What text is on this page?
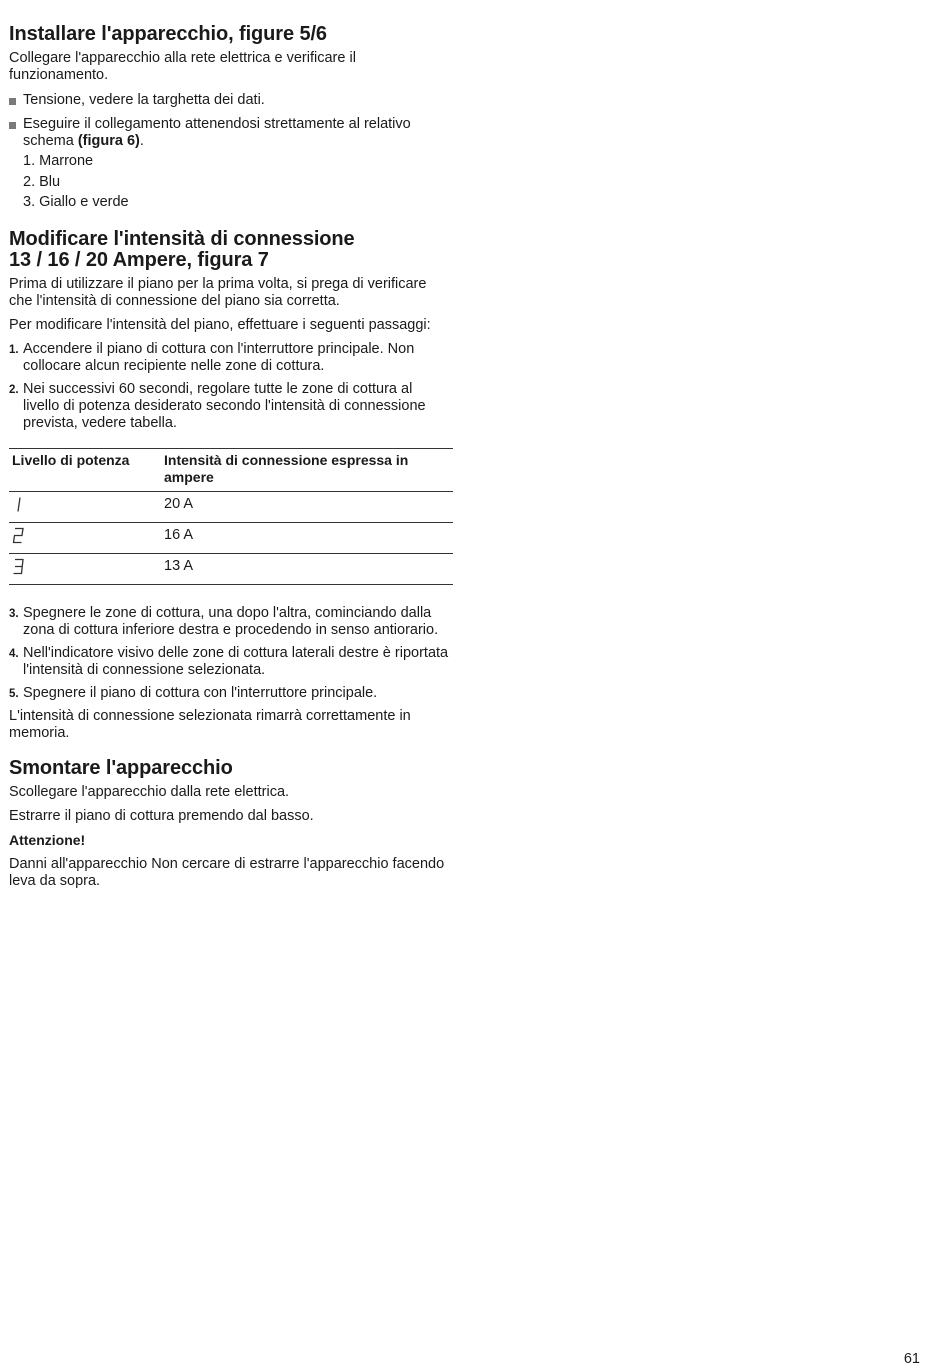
Installare l'apparecchio, figure 5/6

Collegare l'apparecchio alla rete elettrica e verificare il funzionamento.

Tensione, vedere la targhetta dei dati.
Eseguire il collegamento attenendosi strettamente al relativo schema (figura 6).
1. Marrone
2. Blu
3. Giallo e verde
Modificare l'intensità di connessione
13 / 16 / 20 Ampere, figura 7

Prima di utilizzare il piano per la prima volta, si prega di verificare che l'intensità di connessione del piano sia corretta.

Per modificare l'intensità del piano, effettuare i seguenti passaggi:

1. Accendere il piano di cottura con l'interruttore principale. Non collocare alcun recipiente nelle zone di cottura.
2. Nei successivi 60 secondi, regolare tutte le zone di cottura al livello di potenza desiderato secondo l'intensità di connessione prevista, vedere tabella.
Livello di potenza	Intensità di connessione espressa in ampere
	20 A
	16 A
	13 A
3. Spegnere le zone di cottura, una dopo l'altra, cominciando dalla zona di cottura inferiore destra e procedendo in senso antiorario.
4. Nell'indicatore visivo delle zone di cottura laterali destre è riportata l'intensità di connessione selezionata.
5. Spegnere il piano di cottura con l'interruttore principale.

L'intensità di connessione selezionata rimarrà correttamente in memoria.

Smontare l'apparecchio

Scollegare l'apparecchio dalla rete elettrica.

Estrarre il piano di cottura premendo dal basso.

Attenzione!

Danni all'apparecchio Non cercare di estrarre l'apparecchio facendo leva da sopra.

61
